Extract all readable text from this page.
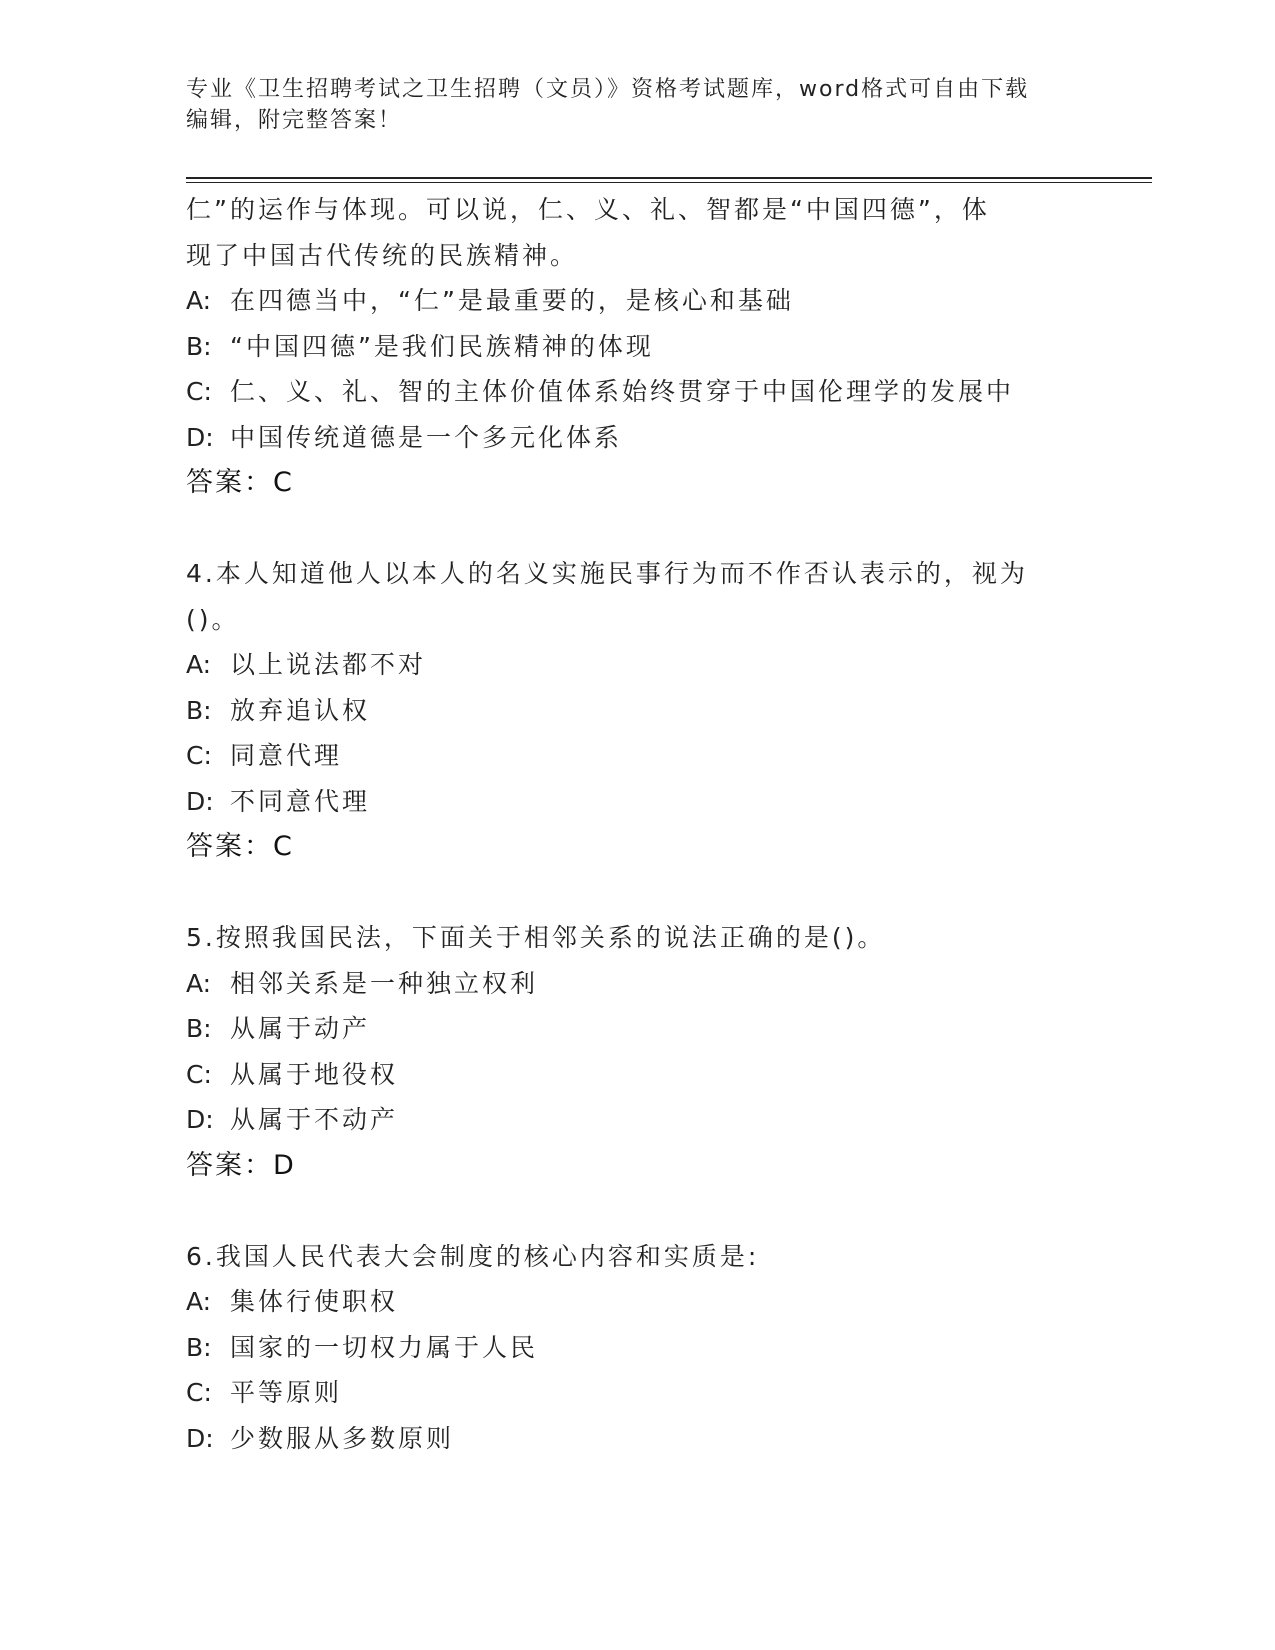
专业《卫生招聘考试之卫生招聘（文员）》资格考试题库，word格式可自由下载
编辑，附完整答案！
仁”的运作与体现。可以说，仁、义、礼、智都是“中国四德”，体
现了中国古代传统的民族精神。
A: 在四德当中，“仁”是最重要的，是核心和基础
B: “中国四德”是我们民族精神的体现
C: 仁、义、礼、智的主体价值体系始终贯穿于中国伦理学的发展中
D: 中国传统道德是一个多元化体系
答案：C
4.本人知道他人以本人的名义实施民事行为而不作否认表示的，视为
()。
A: 以上说法都不对
B: 放弃追认权
C: 同意代理
D: 不同意代理
答案：C
5.按照我国民法，下面关于相邻关系的说法正确的是()。
A: 相邻关系是一种独立权利
B: 从属于动产
C: 从属于地役权
D: 从属于不动产
答案：D
6.我国人民代表大会制度的核心内容和实质是:
A: 集体行使职权
B: 国家的一切权力属于人民
C: 平等原则
D: 少数服从多数原则
